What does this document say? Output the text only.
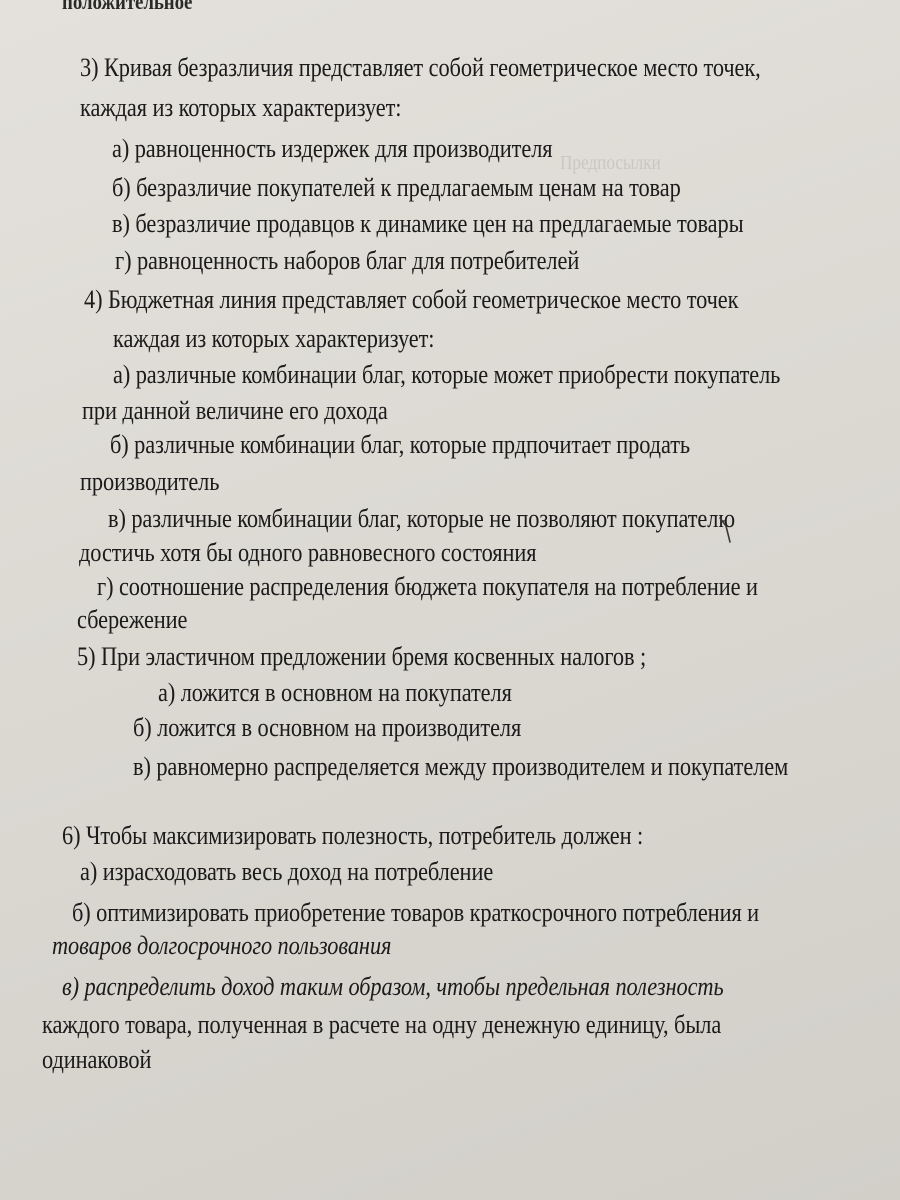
Предпосылки
положительное
3) Кривая безразличия представляет собой геометрическое место точек,
каждая из которых характеризует:
а) равноценность издержек для производителя
б) безразличие покупателей к предлагаемым ценам на товар
в) безразличие продавцов к динамике цен на предлагаемые товары
г) равноценность наборов благ для потребителей
4) Бюджетная линия представляет собой геометрическое место точек
каждая из которых характеризует:
а) различные комбинации благ, которые может приобрести покупатель
при данной величине его дохода
б) различные комбинации благ, которые прдпочитает продать
производитель
в) различные комбинации благ, которые не позволяют покупателю
достичь хотя бы одного равновесного состояния
г) соотношение распределения бюджета покупателя на потребление и
сбережение
5) При эластичном предложении бремя косвенных налогов ;
а) ложится в основном на покупателя
б) ложится в основном на производителя
в) равномерно распределяется между производителем и покупателем
6) Чтобы максимизировать полезность, потребитель должен :
а) израсходовать весь доход на потребление
б) оптимизировать приобретение товаров краткосрочного потребления и
товаров долгосрочного пользования
в) распределить доход таким образом, чтобы предельная полезность
каждого товара, полученная в расчете на одну денежную единицу, была
одинаковой
